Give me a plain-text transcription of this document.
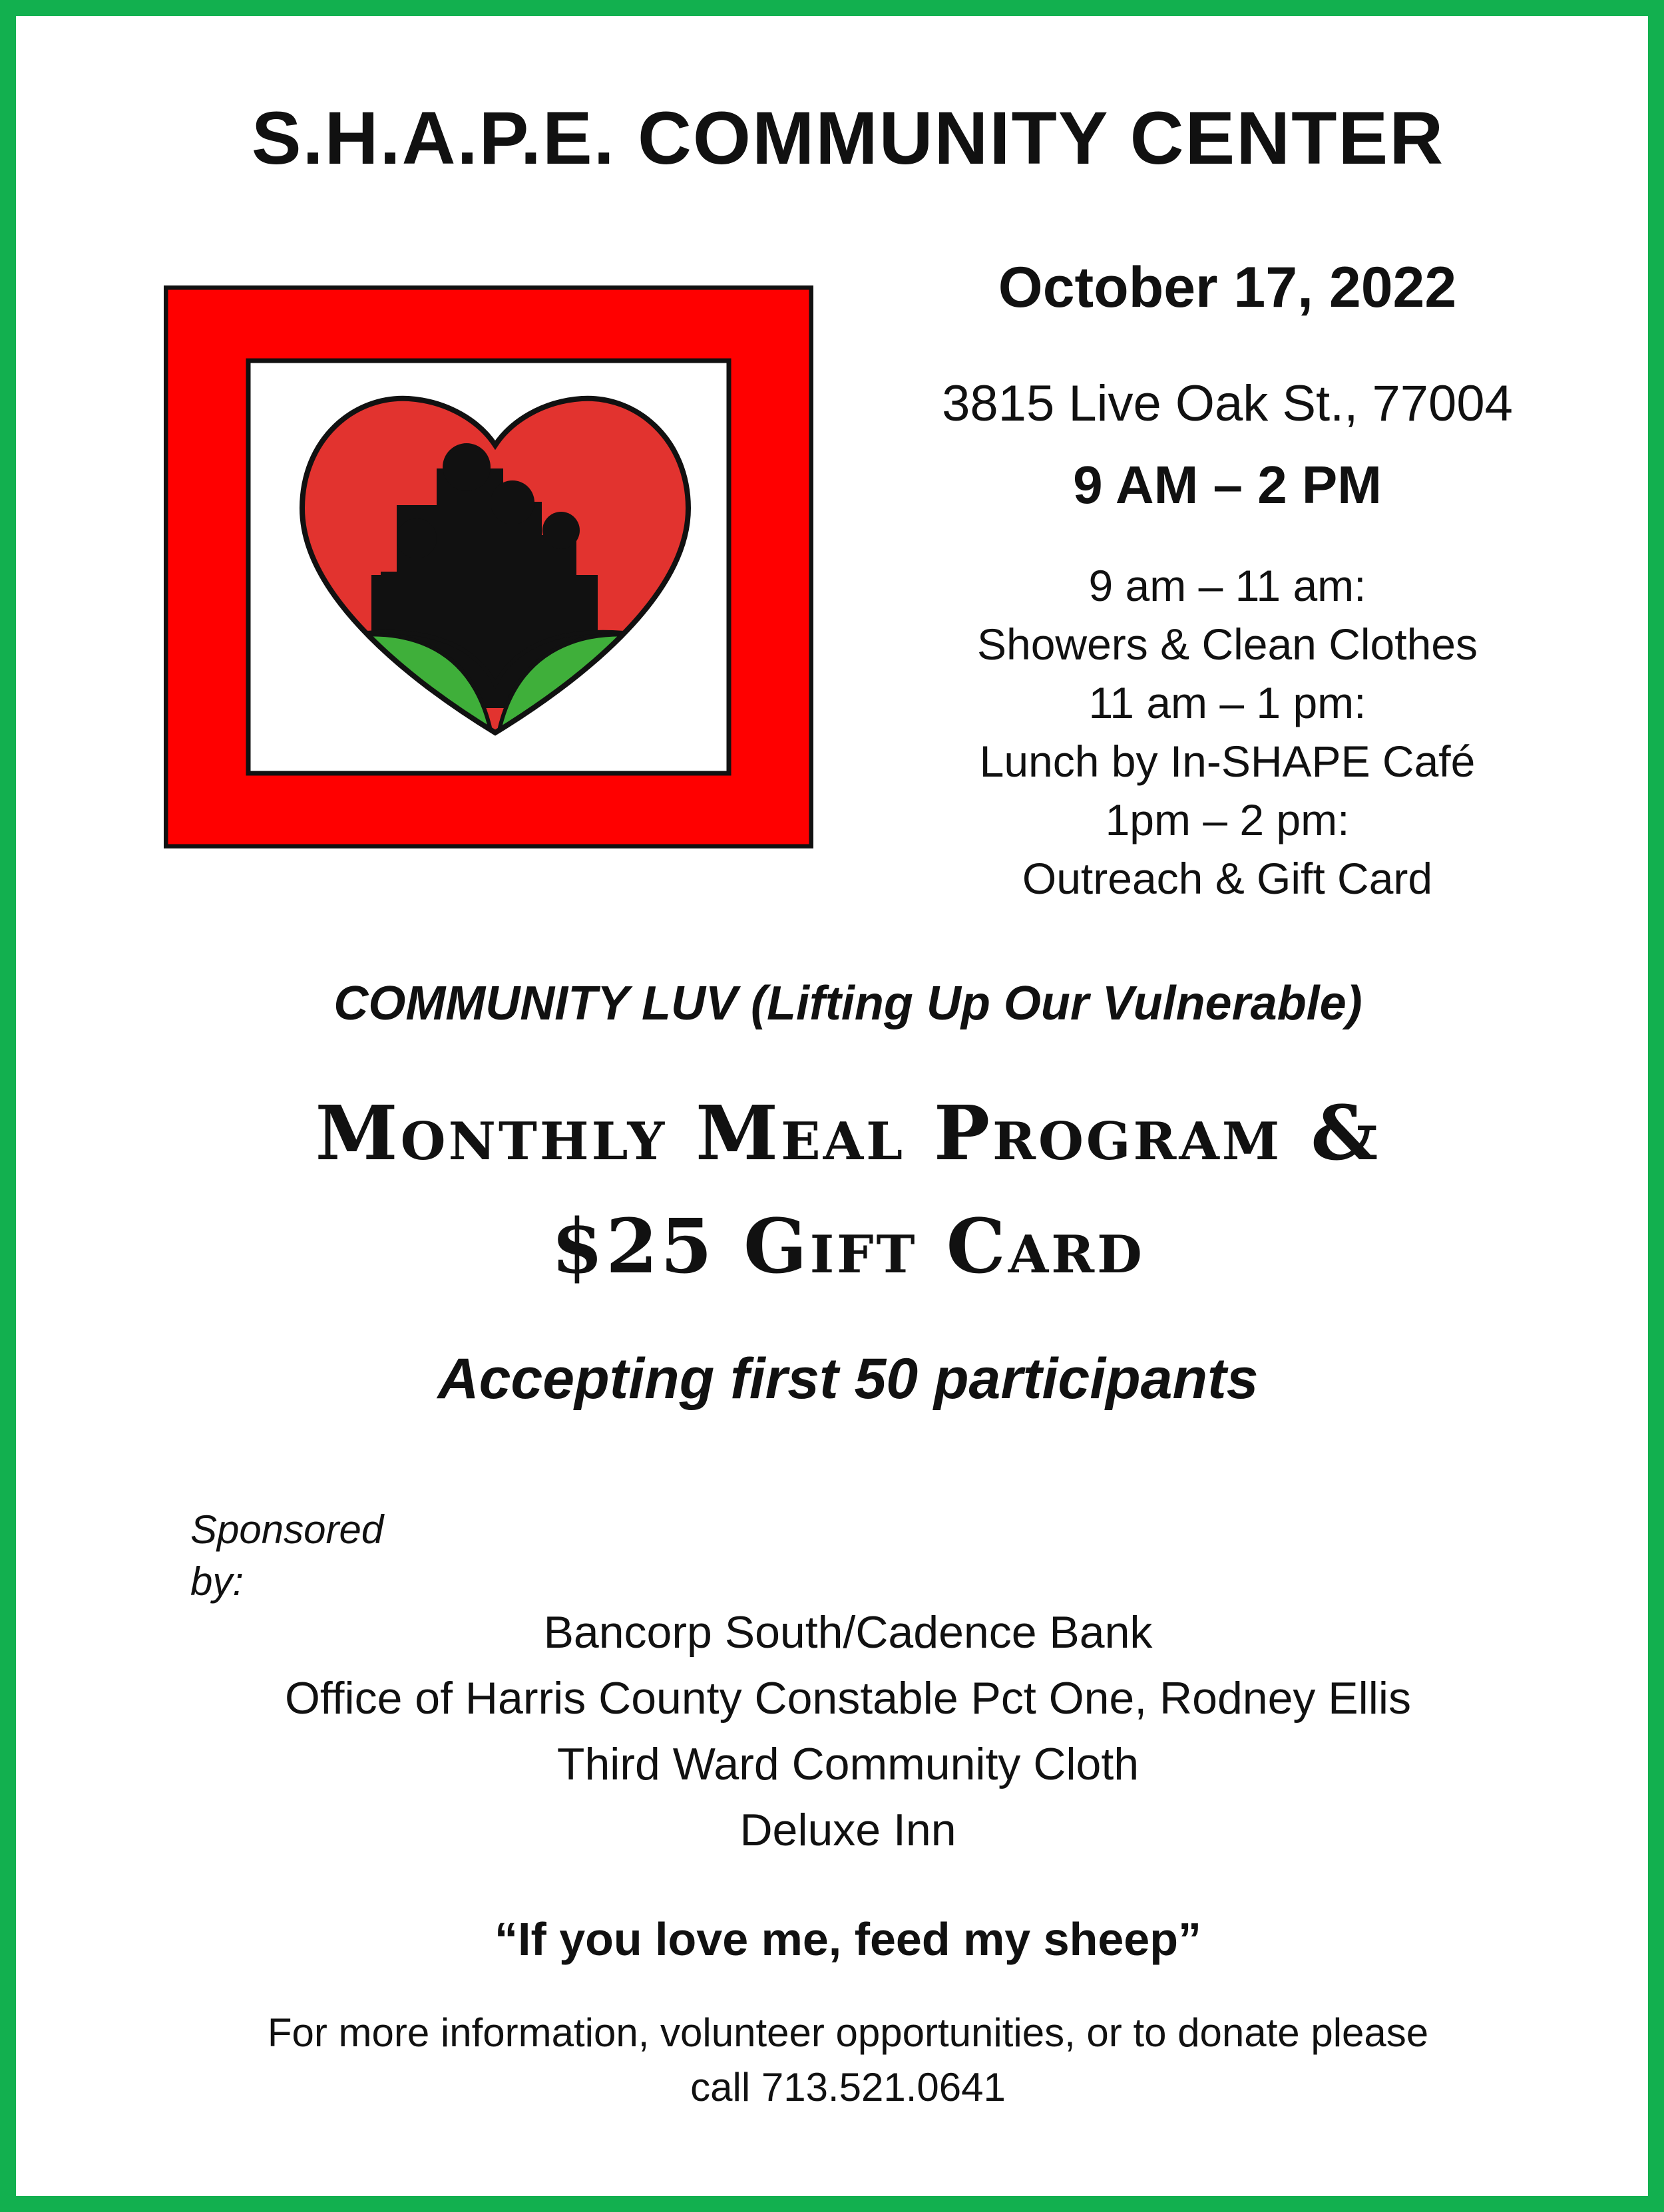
S.H.A.P.E. COMMUNITY CENTER
October 17, 2022
3815 Live Oak St., 77004
9 AM – 2 PM
9 am – 11 am:
Showers & Clean Clothes
11 am – 1 pm:
Lunch by In-SHAPE Café
1pm – 2 pm:
Outreach & Gift Card
COMMUNITY LUV (Lifting Up Our Vulnerable)
Monthly Meal Program &
$25 Gift Card
Accepting first 50 participants
Sponsored
by:
Bancorp South/Cadence Bank
Office of Harris County Constable Pct One, Rodney Ellis
Third Ward Community Cloth
Deluxe Inn
“If you love me, feed my sheep”
For more information, volunteer opportunities, or to donate please
call 713.521.0641
